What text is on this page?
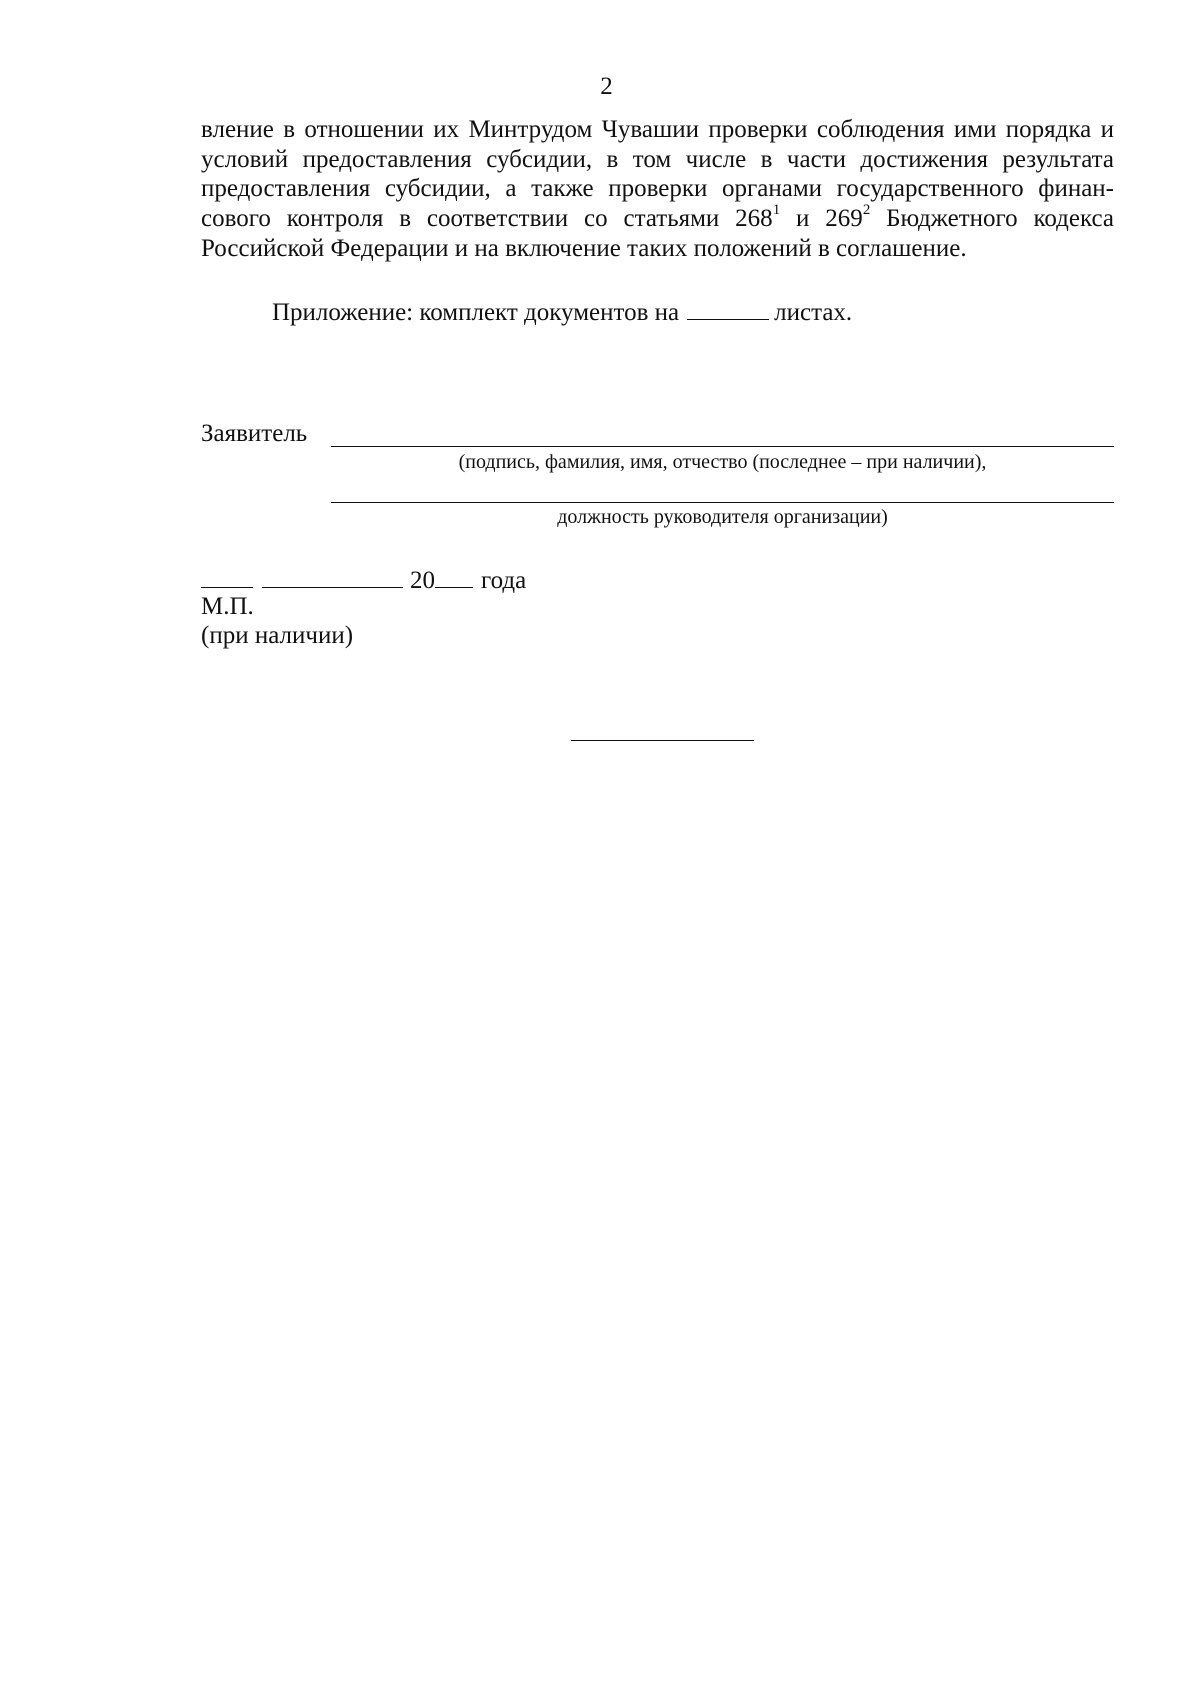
2

вление в отношении их Минтрудом Чувашии проверки соблюдения ими порядка и условий предоставления субсидии, в том числе в части достижения результата предоставления субсидии, а также проверки органами государственного финан-сового контроля в соответствии со статьями $268^1$ и $269^2$ Бюджетного кодекса Российской Федерации и на включение таких положений в соглашение.

Приложение: комплект документов на	листах.
Заявитель
(подпись, фамилия, имя, отчество (последнее – при наличии),
должность руководителя организации)
20 года
М.П.
(при наличии)
